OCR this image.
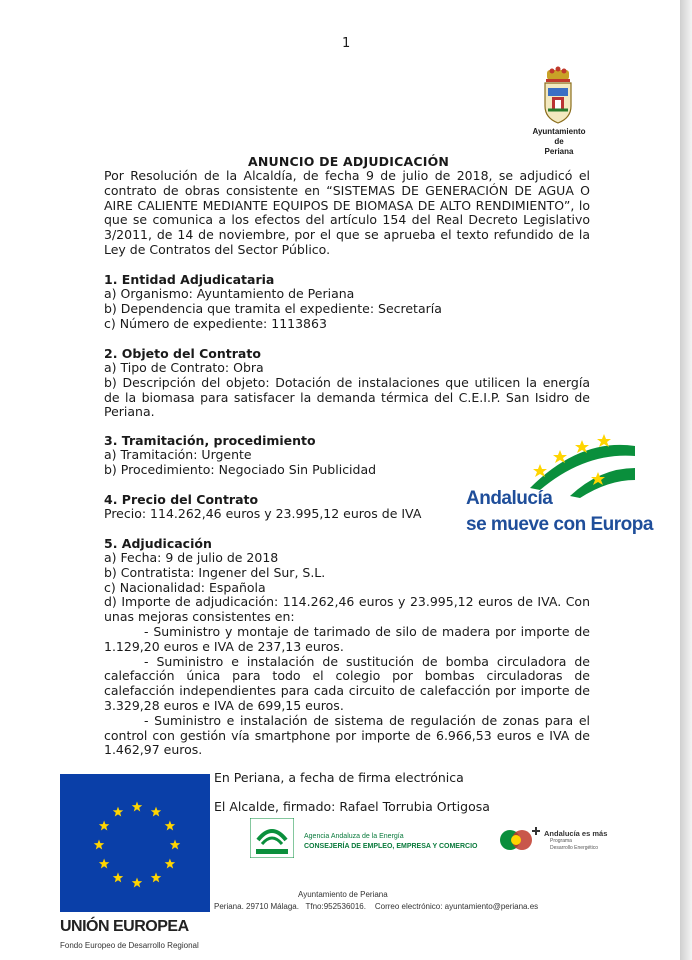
1
Ayuntamiento
de
Periana
ANUNCIO DE ADJUDICACIÓN
Por Resolución de la Alcaldía, de fecha 9 de julio de 2018, se adjudicó el contrato de obras consistente en “SISTEMAS DE GENERACIÓN DE AGUA O AIRE CALIENTE MEDIANTE EQUIPOS DE BIOMASA DE ALTO RENDIMIENTO”, lo que se comunica a los efectos del artículo 154 del Real Decreto Legislativo 3/2011, de 14 de noviembre, por el que se aprueba el texto refundido de la Ley de Contratos del Sector Público.
1. Entidad Adjudicataria

a) Organismo: Ayuntamiento de Periana

b) Dependencia que tramita el expediente: Secretaría

c) Número de expediente: 1113863

2. Objeto del Contrato

a) Tipo de Contrato: Obra

b) Descripción del objeto: Dotación de instalaciones que utilicen la energía de la biomasa para satisfacer la demanda térmica del C.E.I.P. San Isidro de Periana.

3. Tramitación, procedimiento

a) Tramitación: Urgente

b) Procedimiento: Negociado Sin Publicidad

4. Precio del Contrato

Precio: 114.262,46 euros y 23.995,12 euros de IVA

5. Adjudicación

a) Fecha: 9 de julio de 2018

b) Contratista: Ingener del Sur, S.L.

c) Nacionalidad: Española

d) Importe de adjudicación: 114.262,46 euros y 23.995,12 euros de IVA. Con unas mejoras consistentes en:

- Suministro y montaje de tarimado de silo de madera por importe de 1.129,20 euros e IVA de 237,13 euros.

- Suministro e instalación de sustitución de bomba circuladora de calefacción única para todo el colegio por bombas circuladoras de calefacción independientes para cada circuito de calefacción por importe de 3.329,28 euros e IVA de 699,15 euros.

- Suministro e instalación de sistema de regulación de zonas para el control con gestión vía smartphone por importe de 6.966,53 euros e IVA de 1.462,97 euros.

Andalucía
se mueve con Europa
En Periana, a fecha de firma electrónica
El Alcalde, firmado: Rafael Torrubia Ortigosa
UNIÓN EUROPEA
Fondo Europeo de Desarrollo Regional
Agencia Andaluza de la Energía
CONSEJERÍA DE EMPLEO, EMPRESA Y COMERCIO
Andalucía es más
Programa
Desarrollo Energético
Ayuntamiento de Periana
Periana. 29710 Málaga.   Tfno:952536016.    Correo electrónico: ayuntamiento@periana.es
